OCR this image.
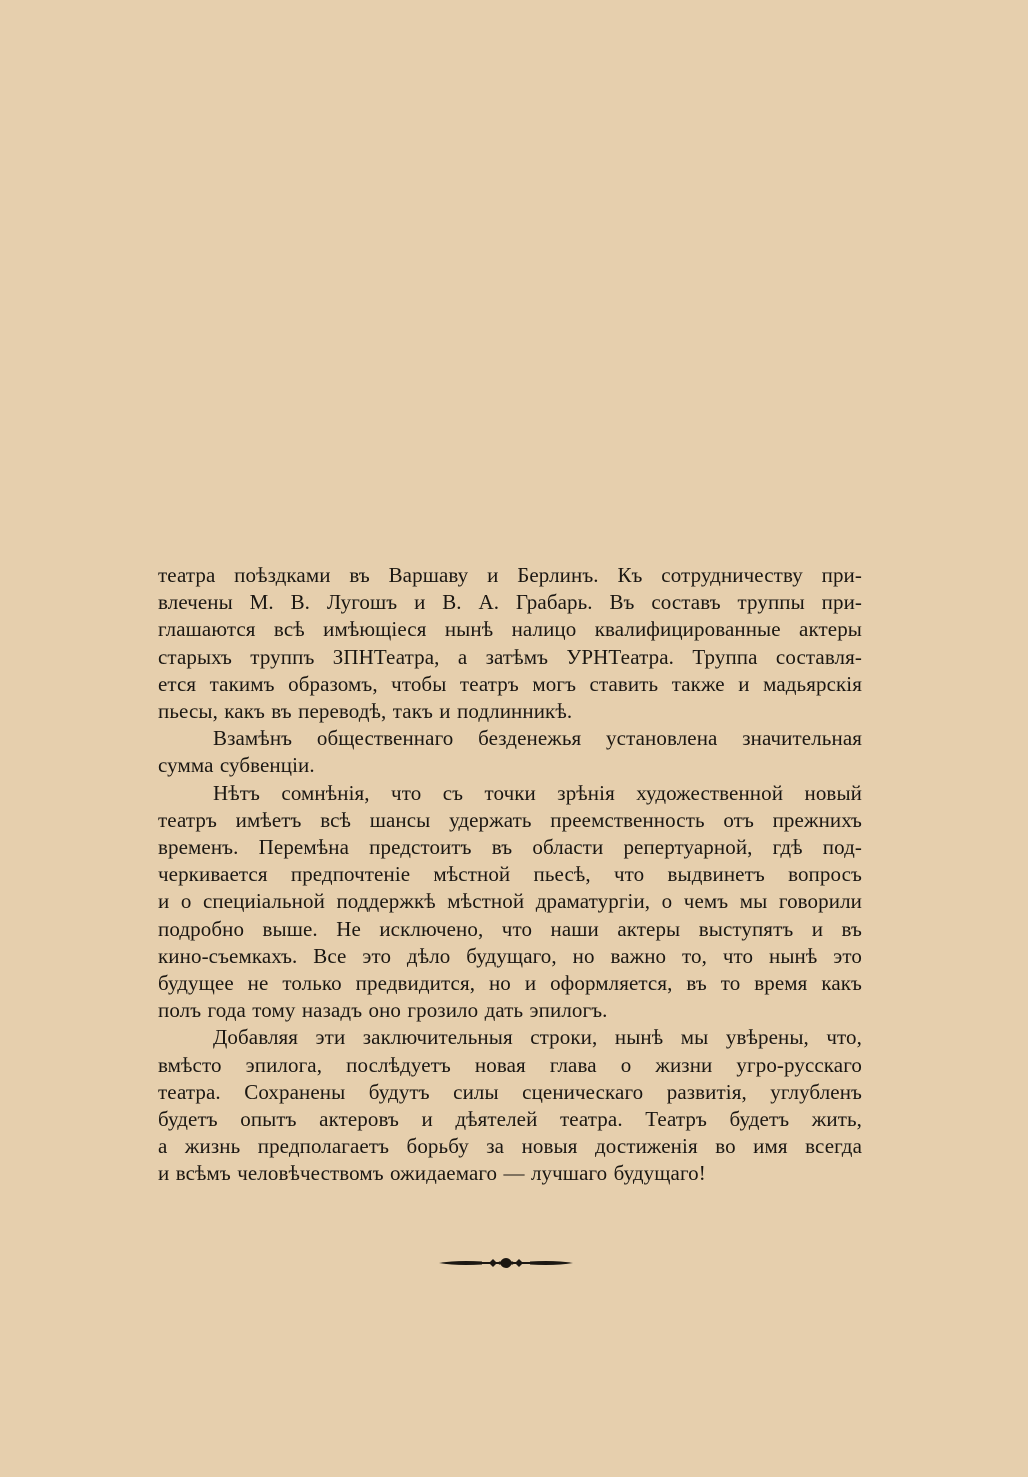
театра поѣздками въ Варшаву и Берлинъ. Къ сотрудничеству при-
влечены М. В. Лугошъ и В. А. Грабарь. Въ составъ труппы при-
глашаются всѣ имѣющіеся нынѣ налицо квалифицированные актеры
старыхъ труппъ ЗПНТеатра, а затѣмъ УРНТеатра. Труппа составля-
ется такимъ образомъ, чтобы театръ могъ ставить также и мадьярскія
пьесы, какъ въ переводѣ, такъ и подлинникѣ.

Взамѣнъ общественнаго безденежья установлена значительная
сумма субвенціи.

Нѣтъ сомнѣнія, что съ точки зрѣнія художественной новый
театръ имѣетъ всѣ шансы удержать преемственность отъ прежнихъ
временъ. Перемѣна предстоитъ въ области репертуарной, гдѣ под-
черкивается предпочтеніе мѣстной пьесѣ, что выдвинетъ вопросъ
и о специіальной поддержкѣ мѣстной драматургіи, о чемъ мы говорили
подробно выше. Не исключено, что наши актеры выступятъ и въ
кино-съемкахъ. Все это дѣло будущаго, но важно то, что нынѣ это
будущее не только предвидится, но и оформляется, въ то время какъ
полъ года тому назадъ оно грозило дать эпилогъ.

Добавляя эти заключительныя строки, нынѣ мы увѣрены, что,
вмѣсто эпилога, послѣдуетъ новая глава о жизни угро-русскаго
театра. Сохранены будутъ силы сценическаго развитія, углубленъ
будетъ опытъ актеровъ и дѣятелей театра. Театръ будетъ жить,
а жизнь предполагаетъ борьбу за новыя достиженія во имя всегда
и всѣмъ человѣчествомъ ожидаемаго — лучшаго будущаго!
